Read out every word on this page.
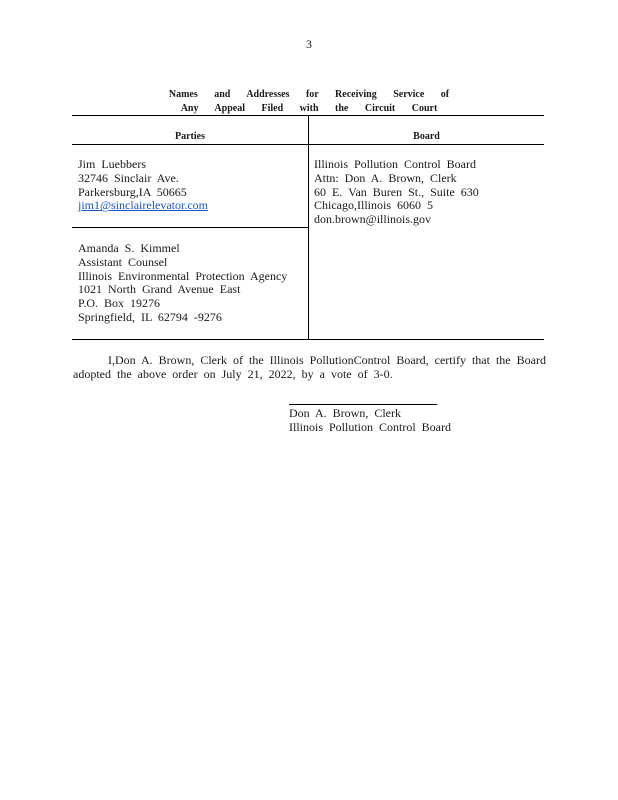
3
Names and Addresses for Receiving Service of
Any Appeal Filed with the Circuit Court
Parties	Board
Jim Luebbers
32746 Sinclair Ave.
Parkersburg,IA 50665
jim1@sinclairelevator.com
Amanda S. Kimmel
Assistant Counsel
Illinois Environmental Protection Agency
1021 North Grand Avenue East
P.O. Box 19276
Springfield, IL 62794 -9276
Illinois Pollution Control Board
Attn: Don A. Brown, Clerk
60 E. Van Buren St., Suite 630
Chicago,Illinois 6060 5
don.brown@illinois.gov
I,Don A. Brown, Clerk of the Illinois PollutionControl Board, certify that the Board
adopted the above order on July 21, 2022, by a vote of 3-0.
Don A. Brown, Clerk
Illinois Pollution Control Board
